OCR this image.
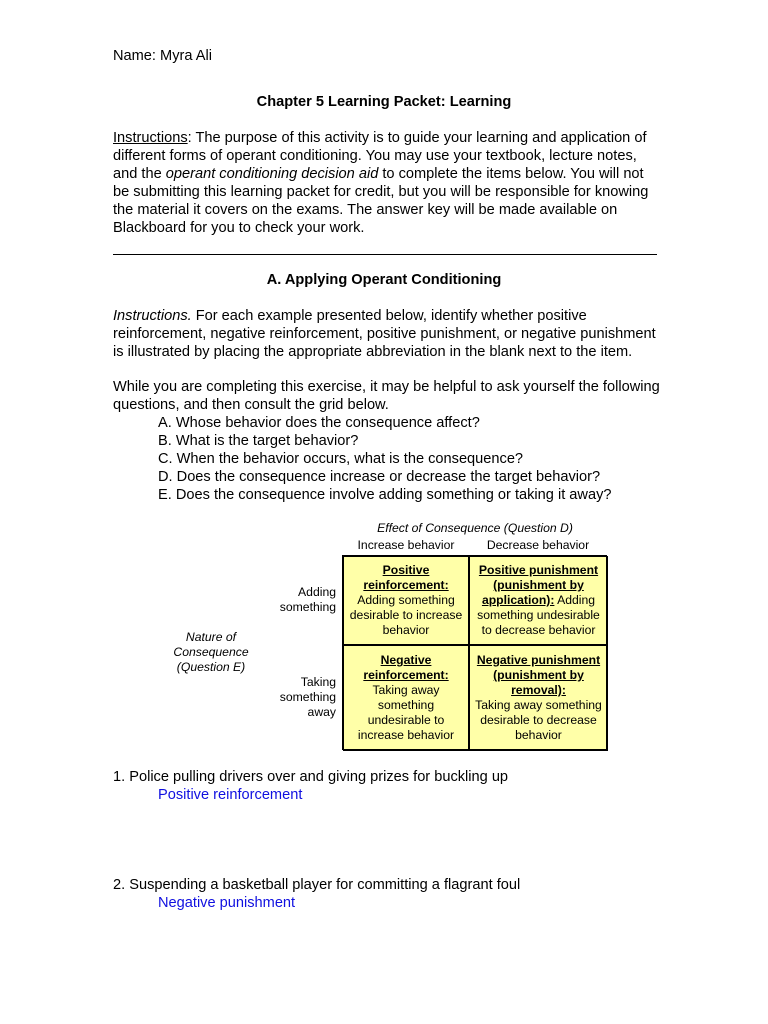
Name: Myra Ali
Chapter 5 Learning Packet: Learning
Instructions: The purpose of this activity is to guide your learning and application of different forms of operant conditioning. You may use your textbook, lecture notes, and the operant conditioning decision aid to complete the items below. You will not be submitting this learning packet for credit, but you will be responsible for knowing the material it covers on the exams. The answer key will be made available on Blackboard for you to check your work.
A. Applying Operant Conditioning
Instructions. For each example presented below, identify whether positive reinforcement, negative reinforcement, positive punishment, or negative punishment is illustrated by placing the appropriate abbreviation in the blank next to the item.
While you are completing this exercise, it may be helpful to ask yourself the following questions, and then consult the grid below.
A. Whose behavior does the consequence affect?
B. What is the target behavior?
C. When the behavior occurs, what is the consequence?
D. Does the consequence increase or decrease the target behavior?
E. Does the consequence involve adding something or taking it away?
Effect of Consequence (Question D)
Increase behavior	Decrease behavior
Adding something
Taking something away
Nature of Consequence (Question E)
Positive reinforcement:
Adding something desirable to increase behavior
Positive punishment (punishment by application): Adding something undesirable to decrease behavior
Negative reinforcement:
Taking away something undesirable to increase behavior
Negative punishment (punishment by removal):
Taking away something desirable to decrease behavior
1. Police pulling drivers over and giving prizes for buckling up
Positive reinforcement
2. Suspending a basketball player for committing a flagrant foul
Negative punishment
